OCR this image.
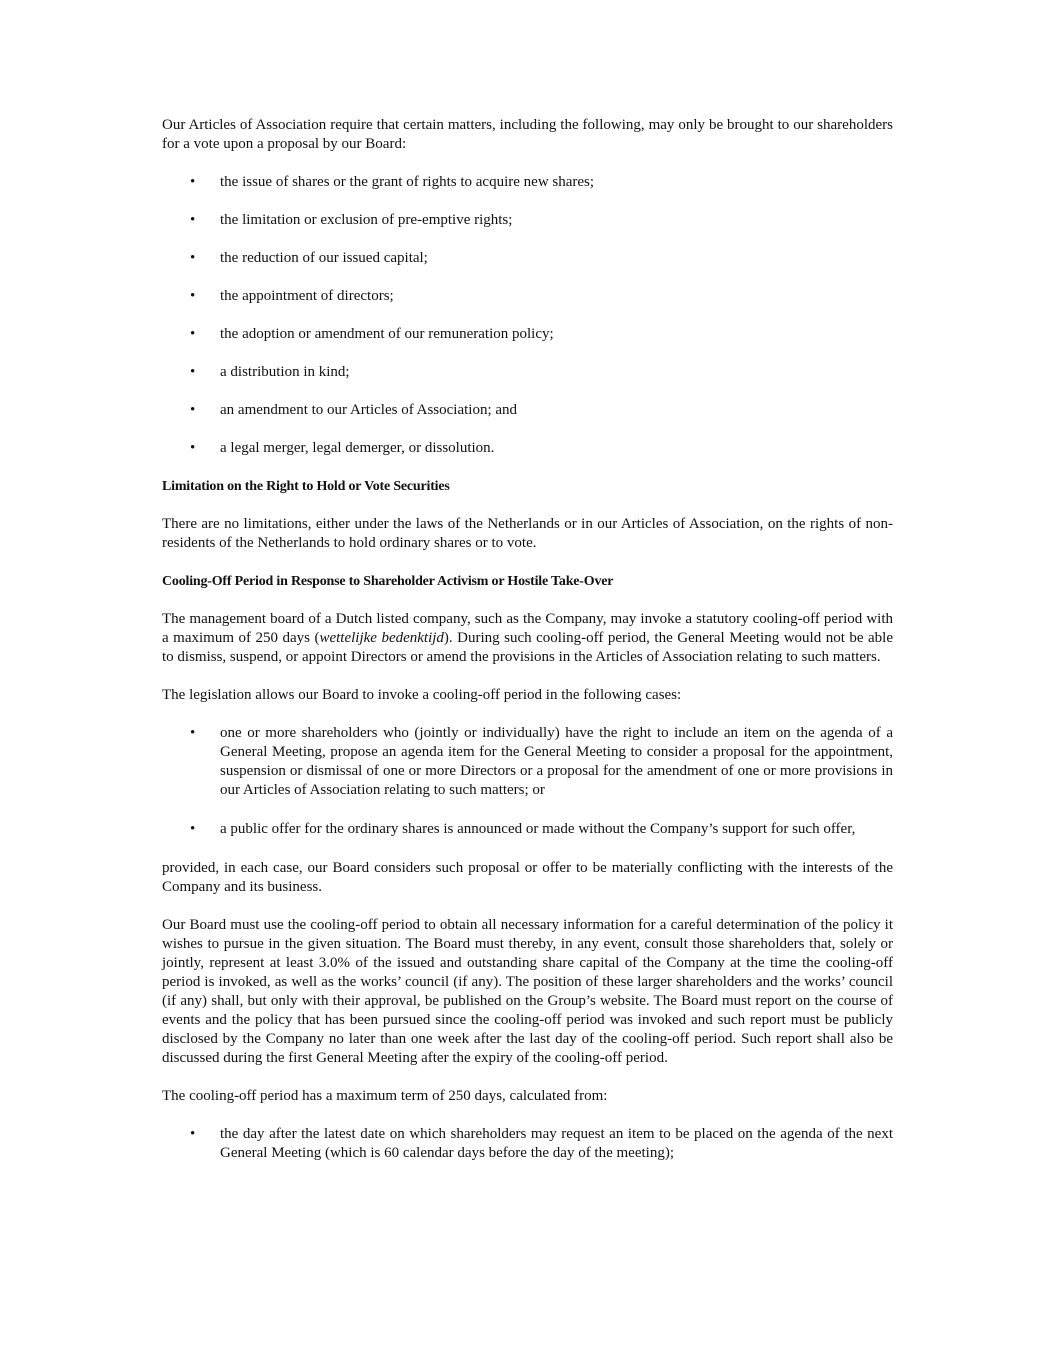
Our Articles of Association require that certain matters, including the following, may only be brought to our shareholders for a vote upon a proposal by our Board:

• the issue of shares or the grant of rights to acquire new shares;

• the limitation or exclusion of pre-emptive rights;

• the reduction of our issued capital;

• the appointment of directors;

• the adoption or amendment of our remuneration policy;

• a distribution in kind;

• an amendment to our Articles of Association; and

• a legal merger, legal demerger, or dissolution.

Limitation on the Right to Hold or Vote Securities

There are no limitations, either under the laws of the Netherlands or in our Articles of Association, on the rights of non-residents of the Netherlands to hold ordinary shares or to vote.

Cooling-Off Period in Response to Shareholder Activism or Hostile Take-Over

The management board of a Dutch listed company, such as the Company, may invoke a statutory cooling-off period with a maximum of 250 days (wettelijke bedenktijd). During such cooling-off period, the General Meeting would not be able to dismiss, suspend, or appoint Directors or amend the provisions in the Articles of Association relating to such matters.

The legislation allows our Board to invoke a cooling-off period in the following cases:

• one or more shareholders who (jointly or individually) have the right to include an item on the agenda of a General Meeting, propose an agenda item for the General Meeting to consider a proposal for the appointment, suspension or dismissal of one or more Directors or a proposal for the amendment of one or more provisions in our Articles of Association relating to such matters; or

• a public offer for the ordinary shares is announced or made without the Company’s support for such offer,

provided, in each case, our Board considers such proposal or offer to be materially conflicting with the interests of the Company and its business.

Our Board must use the cooling-off period to obtain all necessary information for a careful determination of the policy it wishes to pursue in the given situation. The Board must thereby, in any event, consult those shareholders that, solely or jointly, represent at least 3.0% of the issued and outstanding share capital of the Company at the time the cooling-off period is invoked, as well as the works’ council (if any). The position of these larger shareholders and the works’ council (if any) shall, but only with their approval, be published on the Group’s website. The Board must report on the course of events and the policy that has been pursued since the cooling-off period was invoked and such report must be publicly disclosed by the Company no later than one week after the last day of the cooling-off period. Such report shall also be discussed during the first General Meeting after the expiry of the cooling-off period.

The cooling-off period has a maximum term of 250 days, calculated from:

• the day after the latest date on which shareholders may request an item to be placed on the agenda of the next General Meeting (which is 60 calendar days before the day of the meeting);
